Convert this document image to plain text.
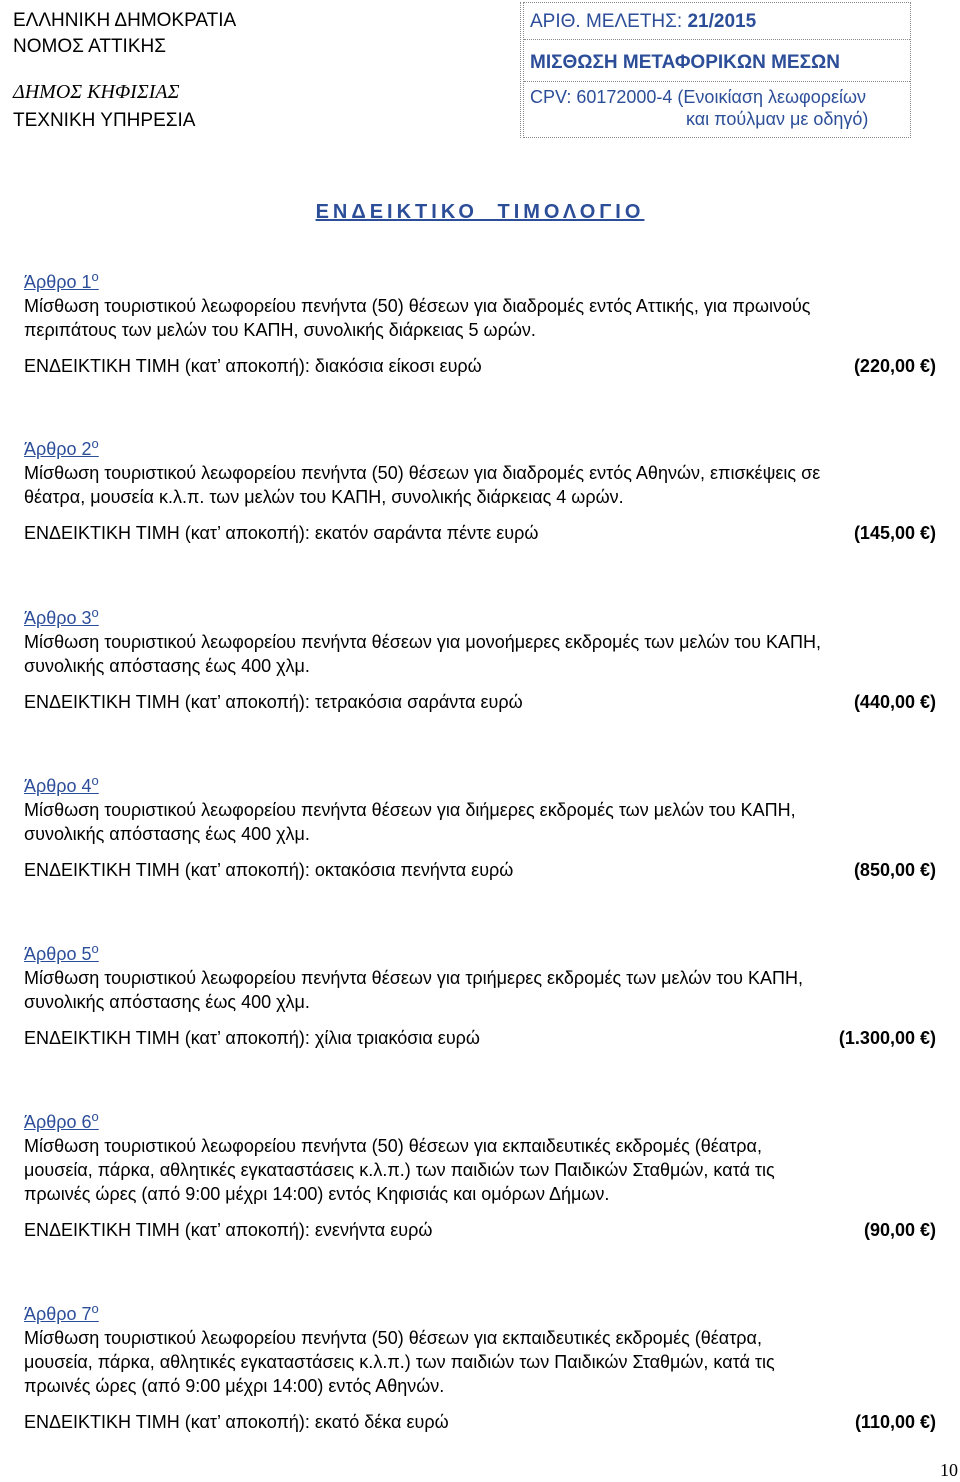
ΕΛΛΗΝΙΚΗ ΔΗΜΟΚΡΑΤΙΑ
ΝΟΜΟΣ ΑΤΤΙΚΗΣ
ΔΗΜΟΣ ΚΗΦΙΣΙΑΣ
ΤΕΧΝΙΚΗ ΥΠΗΡΕΣΙΑ
ΑΡΙΘ. ΜΕΛΕΤΗΣ: 21/2015
ΜΙΣΘΩΣΗ ΜΕΤΑΦΟΡΙΚΩΝ ΜΕΣΩΝ
CPV: 60172000-4 (Ενοικίαση λεωφορείων
και πούλμαν με οδηγό)
ΕΝΔΕΙΚΤΙΚΟ ΤΙΜΟΛΟΓΙΟ
Άρθρο $1^o$
Μίσθωση τουριστικού λεωφορείου πενήντα (50) θέσεων για διαδρομές εντός Αττικής, για πρωινούς
περιπάτους των μελών του ΚΑΠΗ, συνολικής διάρκειας 5 ωρών.
ΕΝΔΕΙΚΤΙΚΗ ΤΙΜΗ (κατ’ αποκοπή): διακόσια είκοσι ευρώ	(220,00 €)
Άρθρο $2^o$
Μίσθωση τουριστικού λεωφορείου πενήντα (50) θέσεων για διαδρομές εντός Αθηνών, επισκέψεις σε
θέατρα, μουσεία κ.λ.π. των μελών του ΚΑΠΗ, συνολικής διάρκειας 4 ωρών.
ΕΝΔΕΙΚΤΙΚΗ ΤΙΜΗ (κατ’ αποκοπή): εκατόν σαράντα πέντε ευρώ	(145,00 €)
Άρθρο $3^o$
Μίσθωση τουριστικού λεωφορείου πενήντα θέσεων για μονοήμερες εκδρομές των μελών του ΚΑΠΗ,
συνολικής απόστασης έως 400 χλμ.
ΕΝΔΕΙΚΤΙΚΗ ΤΙΜΗ (κατ’ αποκοπή): τετρακόσια σαράντα ευρώ	(440,00 €)
Άρθρο $4^o$
Μίσθωση τουριστικού λεωφορείου πενήντα θέσεων για διήμερες εκδρομές των μελών του ΚΑΠΗ,
συνολικής απόστασης έως 400 χλμ.
ΕΝΔΕΙΚΤΙΚΗ ΤΙΜΗ (κατ’ αποκοπή): οκτακόσια πενήντα ευρώ	(850,00 €)
Άρθρο $5^o$
Μίσθωση τουριστικού λεωφορείου πενήντα θέσεων για τριήμερες εκδρομές των μελών του ΚΑΠΗ,
συνολικής απόστασης έως 400 χλμ.
ΕΝΔΕΙΚΤΙΚΗ ΤΙΜΗ (κατ’ αποκοπή): χίλια τριακόσια ευρώ	(1.300,00 €)
Άρθρο $6^o$
Μίσθωση τουριστικού λεωφορείου πενήντα (50) θέσεων για εκπαιδευτικές εκδρομές (θέατρα,
μουσεία, πάρκα, αθλητικές εγκαταστάσεις κ.λ.π.) των παιδιών των Παιδικών Σταθμών, κατά τις
πρωινές ώρες (από 9:00 μέχρι 14:00) εντός Κηφισιάς και ομόρων Δήμων.
ΕΝΔΕΙΚΤΙΚΗ ΤΙΜΗ (κατ’ αποκοπή): ενενήντα ευρώ	(90,00 €)
Άρθρο $7^o$
Μίσθωση τουριστικού λεωφορείου πενήντα (50) θέσεων για εκπαιδευτικές εκδρομές (θέατρα,
μουσεία, πάρκα, αθλητικές εγκαταστάσεις κ.λ.π.) των παιδιών των Παιδικών Σταθμών, κατά τις
πρωινές ώρες (από 9:00 μέχρι 14:00) εντός Αθηνών.
ΕΝΔΕΙΚΤΙΚΗ ΤΙΜΗ (κατ’ αποκοπή): εκατό δέκα ευρώ	(110,00 €)
10
